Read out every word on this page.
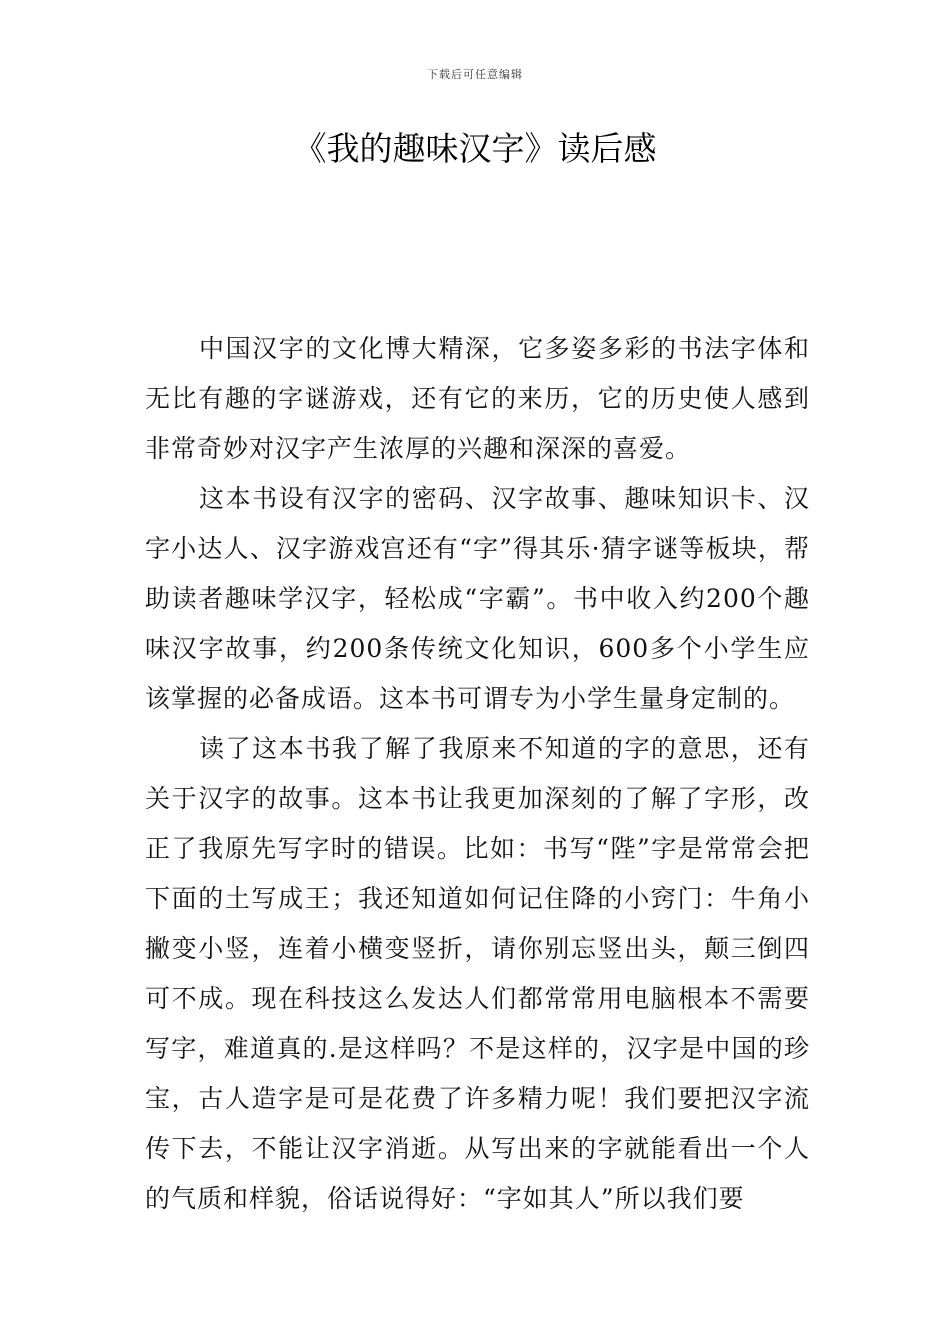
下载后可任意编辑
《我的趣味汉字》读后感

中国汉字的文化博大精深，它多姿多彩的书法字体和无比有趣的字谜游戏，还有它的来历，它的历史使人感到非常奇妙对汉字产生浓厚的兴趣和深深的喜爱。

这本书设有汉字的密码、汉字故事、趣味知识卡、汉字小达人、汉字游戏宫还有“字”得其乐·猜字谜等板块，帮助读者趣味学汉字，轻松成“字霸”。书中收入约200个趣味汉字故事，约200条传统文化知识，600多个小学生应该掌握的必备成语。这本书可谓专为小学生量身定制的。

读了这本书我了解了我原来不知道的字的意思，还有关于汉字的故事。这本书让我更加深刻的了解了字形，改正了我原先写字时的错误。比如：书写“陛”字是常常会把下面的土写成王；我还知道如何记住降的小窍门：牛角小撇变小竖，连着小横变竖折，请你别忘竖出头，颠三倒四可不成。现在科技这么发达人们都常常用电脑根本不需要写字，难道真的.是这样吗？不是这样的，汉字是中国的珍宝，古人造字是可是花费了许多精力呢！我们要把汉字流传下去，不能让汉字消逝。从写出来的字就能看出一个人的气质和样貌，俗话说得好：“字如其人”所以我们要
